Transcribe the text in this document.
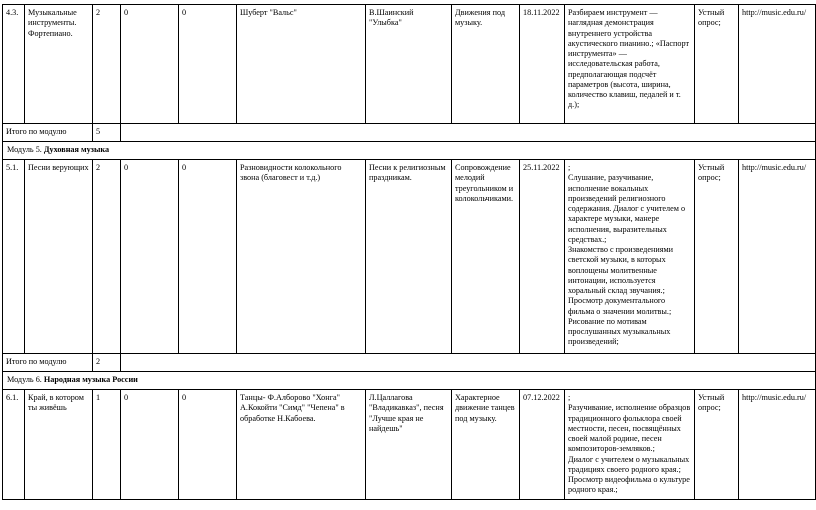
4.3.	Музыкальные инструменты. Фортепиано.	2	0	0	Шуберт "Вальс"	В.Шаинский "Улыбка"	Движения под музыку.	18.11.2022	Разбираем инструмент — наглядная демонстрация внутреннего устройства акустического пианино.; «Паспорт инструмента» — исследовательская работа, предполагающая подсчёт параметров (высота, ширина, количество клавиш, педалей и т. д.);	Устный опрос;	http://music.edu.ru/
Итого по модулю		5									
Модуль 5. Духовная музыка											
5.1.	Песни верующих	2	0	0	Разновидности колокольного звона (благовест и т.д.)	Песни к религиозным праздникам.	Сопровождение мелодий треугольником и колокольчиками.	25.11.2022	;
Слушание, разучивание, исполнение вокальных произведений религиозного содержания. Диалог с учителем о характере музыки, манере исполнения, выразительных средствах.;
Знакомство с произведениями светской музыки, в которых воплощены молитвенные интонации, используется хоральный склад звучания.;
Просмотр документального фильма о значении молитвы.;
Рисование по мотивам прослушанных музыкальных произведений;	Устный опрос;	http://music.edu.ru/
Итого по модулю		2									
Модуль 6. Народная музыка России											
6.1.	Край, в котором ты живёшь	1	0	0	Танцы- Ф.Алборово "Хонга" А.Кокойти "Симд" "Чепена" в обработке Н.Кабоева.	Л.Цаллагова "Владикавказ", песня "Лучше края не найдешь"	Характерное движение танцев под музыку.	07.12.2022	;
Разучивание, исполнение образцов традиционного фольклора своей местности, песен, посвящённых своей малой родине, песен композиторов-земляков.;
Диалог с учителем о музыкальных традициях своего родного края.;
Просмотр видеофильма о культуре родного края.;	Устный опрос;	http://music.edu.ru/
